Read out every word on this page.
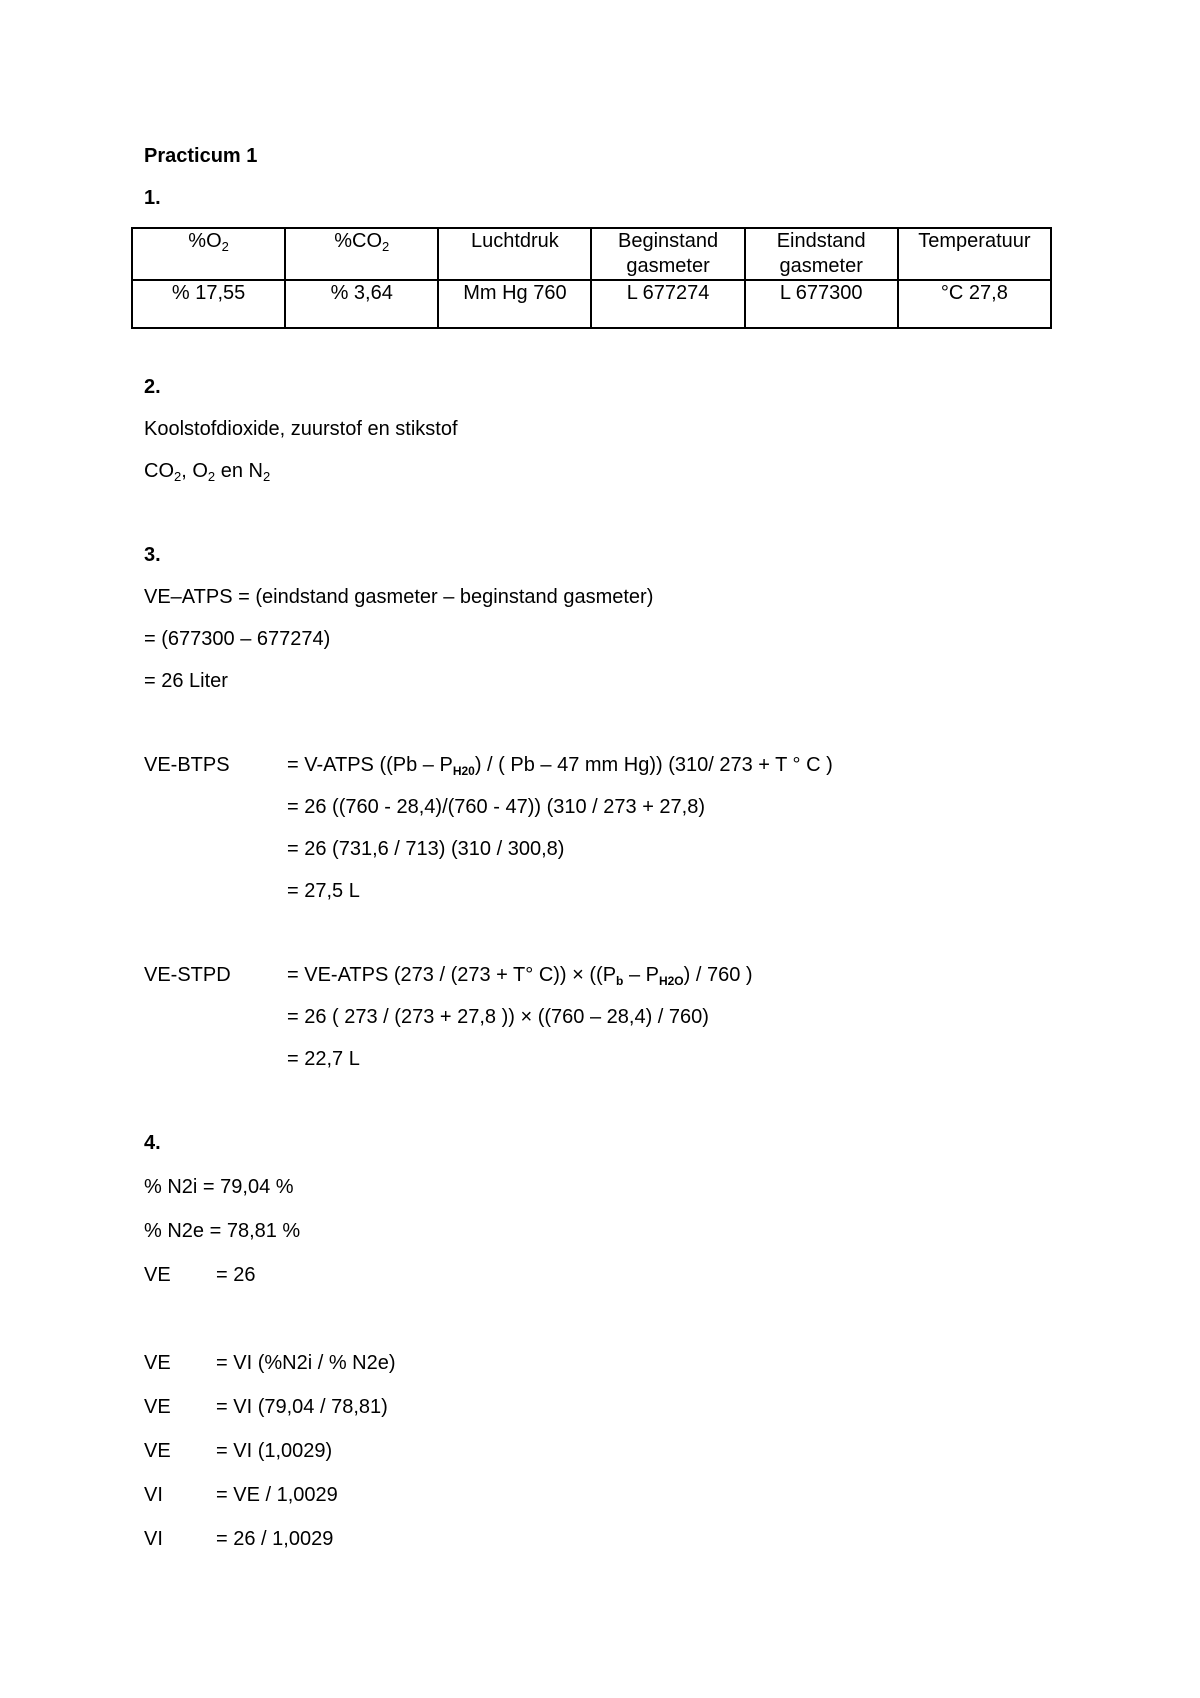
Practicum 1
1.
$\%O_2$	$\%CO_2$	Luchtdruk	Beginstand gasmeter	Eindstand gasmeter	Temperatuur
% 17,55	% 3,64	Mm Hg 760	L 677274	L 677300	°C 27,8
2.
Koolstofdioxide, zuurstof en stikstof
$CO_2$, $O_2$ en $N_2$
3.
VE–ATPS = (eindstand gasmeter – beginstand gasmeter)
= (677300 – 677274)
= 26 Liter
VE-BTPS	= V-ATPS ($(Pb - P_{H20})$ / ( Pb – 47 mm Hg)) (310/ 273 + T ° C )
= 26 ((760 - 28,4)/(760 - 47)) (310 / 273 + 27,8)
= 26 (731,6 / 713) (310 / 300,8)
= 27,5 L
VE-STPD	= VE-ATPS (273 / (273 + T° $C)) \times ((P_b - P_{H2O}) / 760$ )
= 26 ( 273 / (273 + 27,8 )) × ((760 – 28,4) / 760)
= 22,7 L
4.
% N2i = 79,04 %
% N2e = 78,81 %
VE = 26
VE = VI (%N2i / % N2e)
VE = VI (79,04 / 78,81)
VE = VI (1,0029)
VI	= VE / 1,0029
VI	= 26 / 1,0029
